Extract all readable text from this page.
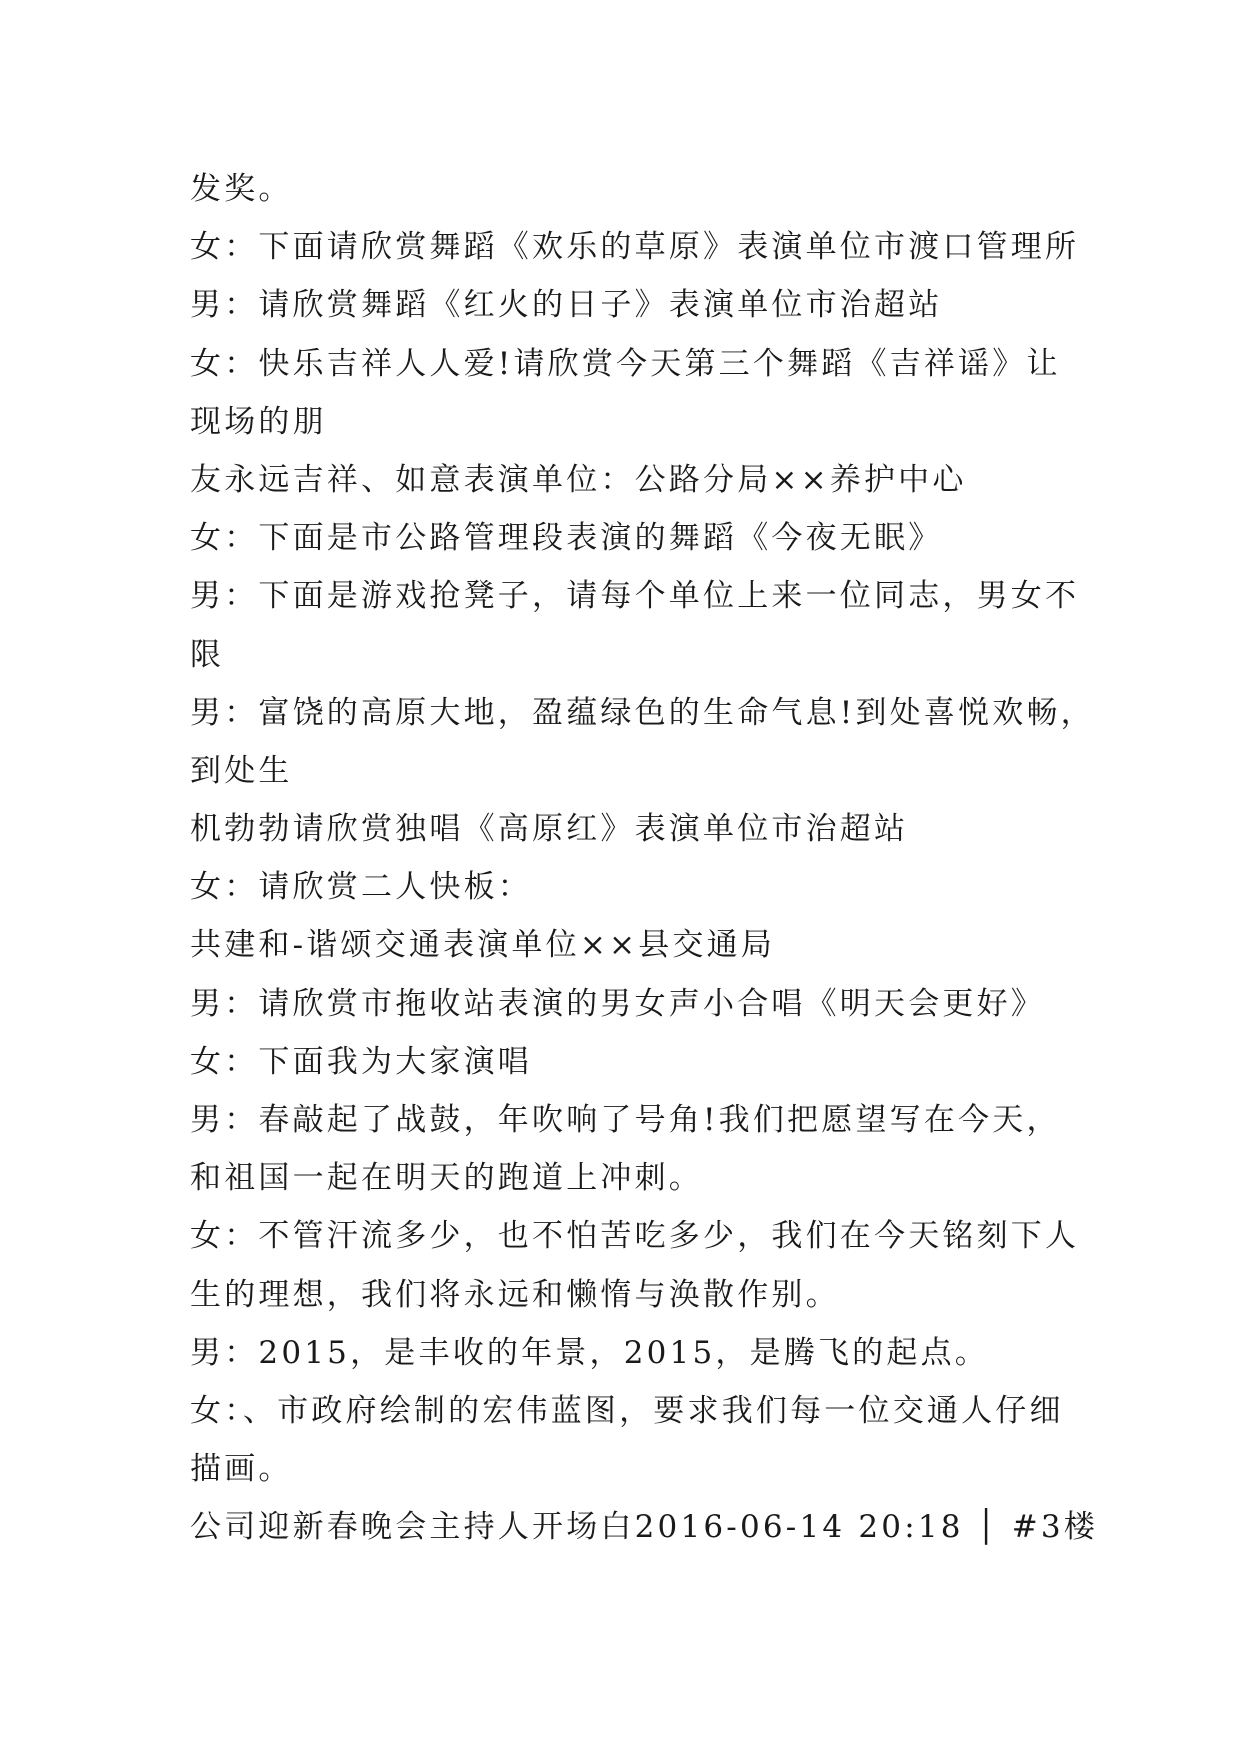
发奖。
女：下面请欣赏舞蹈《欢乐的草原》表演单位市渡口管理所
男：请欣赏舞蹈《红火的日子》表演单位市治超站
女：快乐吉祥人人爱!请欣赏今天第三个舞蹈《吉祥谣》让
现场的朋
友永远吉祥、如意表演单位：公路分局××养护中心
女：下面是市公路管理段表演的舞蹈《今夜无眠》
男：下面是游戏抢凳子，请每个单位上来一位同志，男女不
限
男：富饶的高原大地，盈蕴绿色的生命气息!到处喜悦欢畅，
到处生
机勃勃请欣赏独唱《高原红》表演单位市治超站
女：请欣赏二人快板：
共建和-谐颂交通表演单位××县交通局
男：请欣赏市拖收站表演的男女声小合唱《明天会更好》
女：下面我为大家演唱
男：春敲起了战鼓，年吹响了号角!我们把愿望写在今天，
和祖国一起在明天的跑道上冲刺。
女：不管汗流多少，也不怕苦吃多少，我们在今天铭刻下人
生的理想，我们将永远和懒惰与涣散作别。
男：2015，是丰收的年景，2015，是腾飞的起点。
女：、市政府绘制的宏伟蓝图，要求我们每一位交通人仔细
描画。
公司迎新春晚会主持人开场白2016-06-14 20:18 │ #3楼
